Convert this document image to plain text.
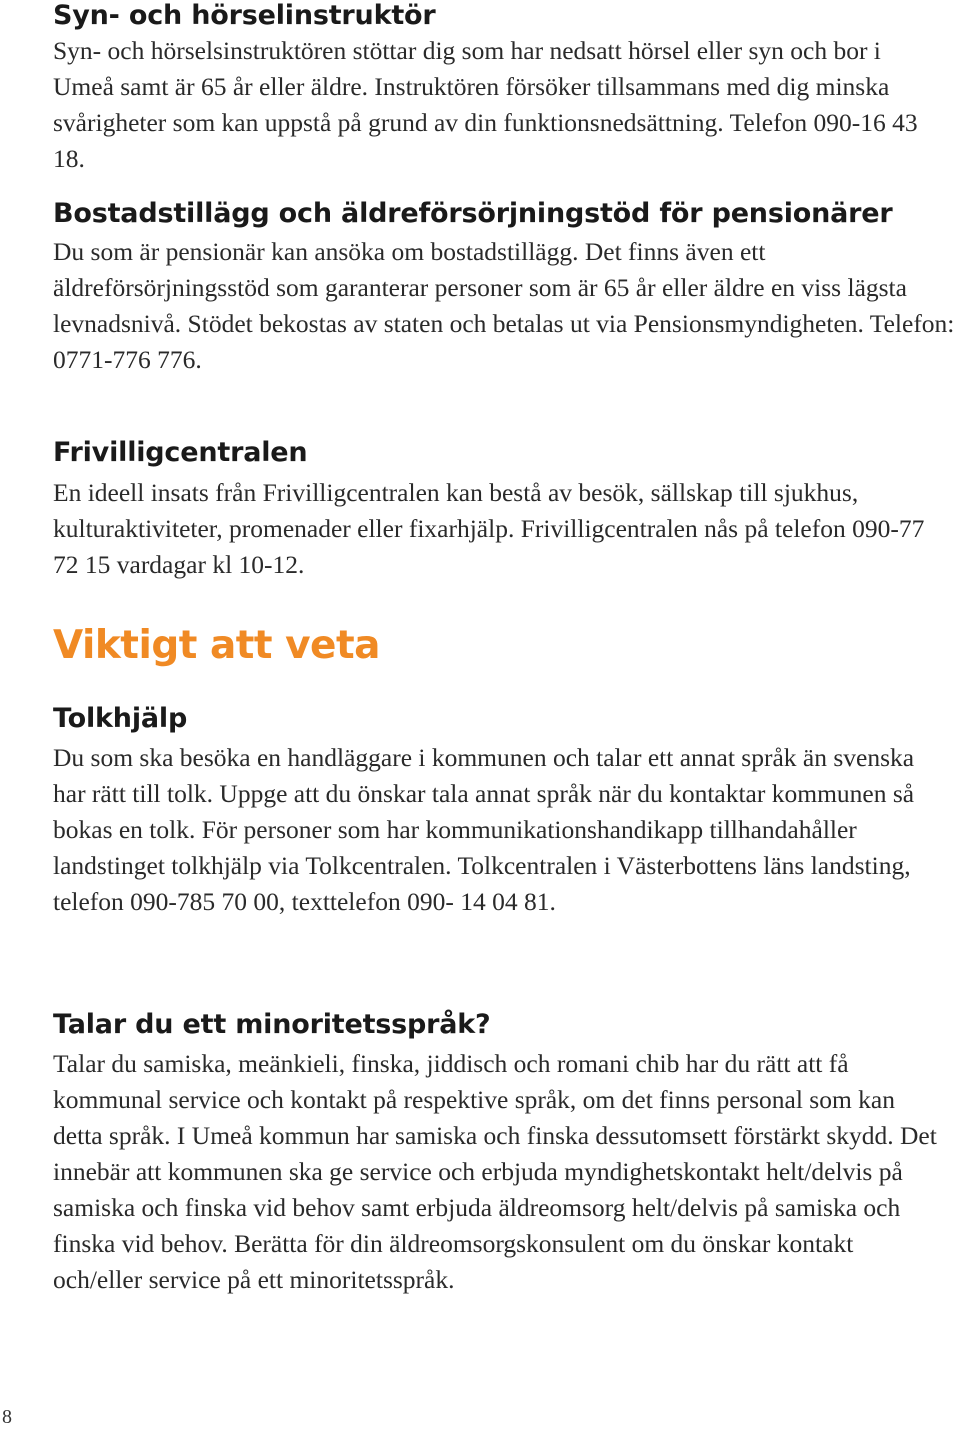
Syn- och hörselinstruktör

Syn- och hörselsinstruktören stöttar dig som har nedsatt hörsel eller syn och bor i Umeå samt är 65 år eller äldre. Instruktören försöker tillsammans med dig minska svårigheter som kan uppstå på grund av din funktionsnedsättning. Telefon 090-16 43 18.

Bostadstillägg och äldreförsörjningstöd för pensionärer

Du som är pensionär kan ansöka om bostadstillägg. Det finns även ett äldreförsörjningsstöd som garanterar personer som är 65 år eller äldre en viss lägsta levnadsnivå. Stödet bekostas av staten och betalas ut via Pensionsmyndigheten. Telefon: 0771-776 776.

Frivilligcentralen

En ideell insats från Frivilligcentralen kan bestå av besök, sällskap till sjukhus, kulturaktiviteter, promenader eller fixarhjälp. Frivilligcentralen nås på telefon 090-77 72 15 vardagar kl 10-12.

Viktigt att veta
Tolkhjälp

Du som ska besöka en handläggare i kommunen och talar ett annat språk än svenska har rätt till tolk. Uppge att du önskar tala annat språk när du kontaktar kommunen så bokas en tolk. För personer som har kommunikationshandikapp tillhandahåller landstinget tolkhjälp via Tolkcentralen. Tolkcentralen i Västerbottens läns landsting, telefon 090-785 70 00, texttelefon 090- 14 04 81.

Talar du ett minoritetsspråk?

Talar du samiska, meänkieli, finska, jiddisch och romani chib har du rätt att få kommunal service och kontakt på respektive språk, om det finns personal som kan detta språk. I Umeå kommun har samiska och finska dessutomsett förstärkt skydd. Det innebär att kommunen ska ge service och erbjuda myndighetskontakt helt/delvis på samiska och finska vid behov samt erbjuda äldreomsorg helt/delvis på samiska och finska vid behov. Berätta för din äldreomsorgskonsulent om du önskar kontakt och/eller service på ett minoritetsspråk.

8
